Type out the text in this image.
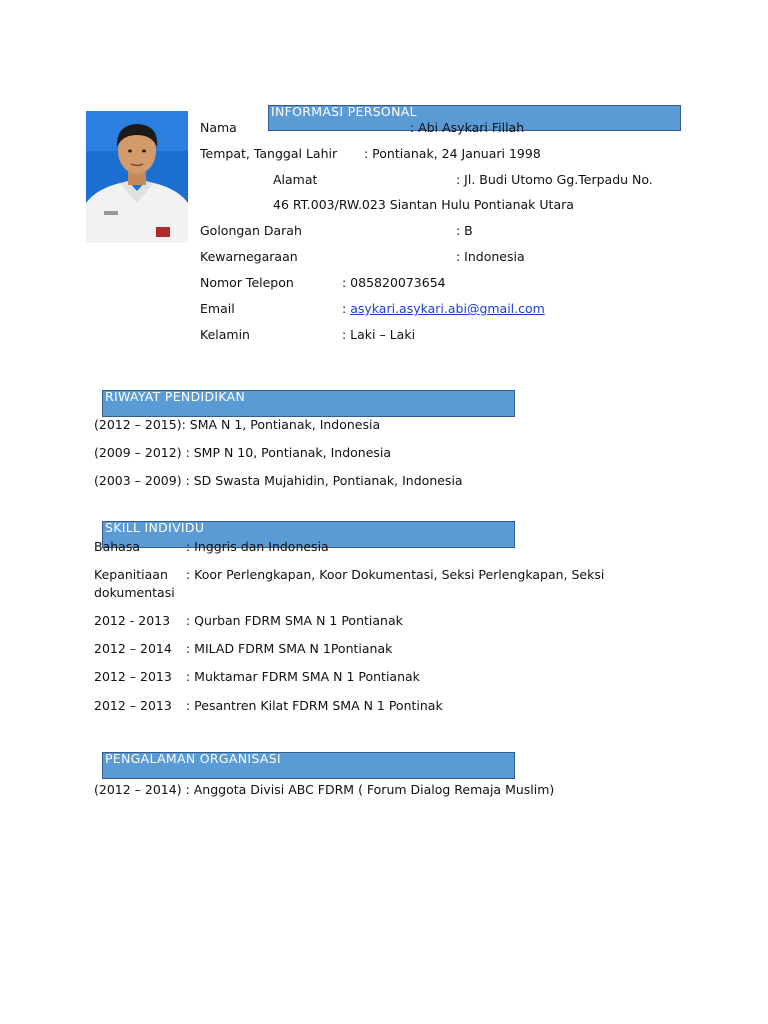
INFORMASI PERSONAL
Nama	: Abi Asykari Fillah
Tempat, Tanggal Lahir : Pontianak, 24 Januari 1998
Alamat	: Jl. Budi Utomo Gg.Terpadu No.
46 RT.003/RW.023 Siantan Hulu Pontianak Utara
Golongan Darah	: B
Kewarnegaraan	: Indonesia
Nomor Telepon	: 085820073654
Email	: asykari.asykari.abi@gmail.com
Kelamin	: Laki – Laki
RIWAYAT PENDIDIKAN
(2012 – 2015): SMA N 1, Pontianak, Indonesia
(2009 – 2012) : SMP N 10, Pontianak, Indonesia
(2003 – 2009) : SD Swasta Mujahidin, Pontianak, Indonesia
SKILL INDIVIDU
Bahasa	: Inggris dan Indonesia
Kepanitiaan : Koor Perlengkapan, Koor Dokumentasi, Seksi Perlengkapan, Seksi
dokumentasi
2012 - 2013 : Qurban FDRM SMA N 1 Pontianak
2012 – 2014 : MILAD FDRM SMA N 1Pontianak
2012 – 2013 : Muktamar FDRM SMA N 1 Pontianak
2012 – 2013 : Pesantren Kilat FDRM SMA N 1 Pontinak
PENGALAMAN ORGANISASI
(2012 – 2014) : Anggota Divisi ABC FDRM ( Forum Dialog Remaja Muslim)
